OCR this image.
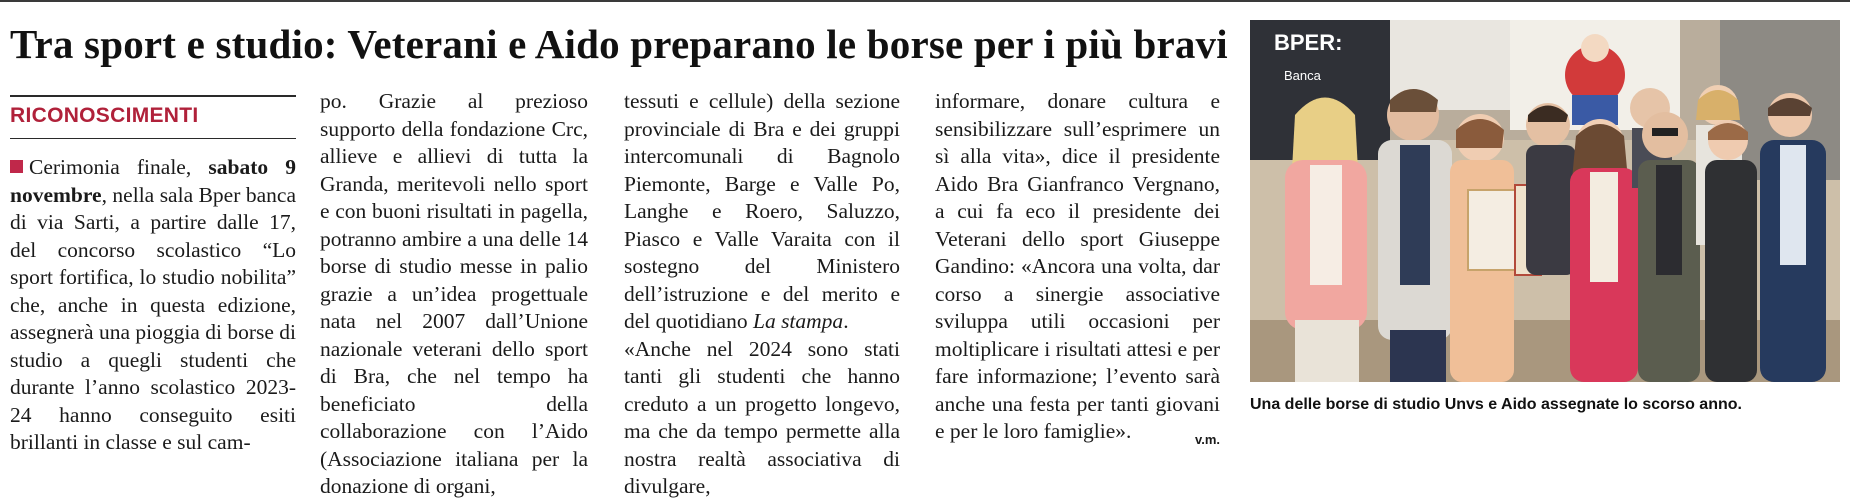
Tra sport e studio: Veterani e Aido preparano le borse per i più bravi
RICONOSCIMENTI

Cerimonia finale, sabato 9 novembre, nella sala Bper banca di via Sarti, a partire dalle 17, del concorso scolastico “Lo sport fortifica, lo studio nobilita” che, anche in questa edizione, assegnerà una pioggia di borse di studio a quegli studenti che durante l’anno scolastico 2023-24 hanno conseguito esiti brillanti in classe e sul cam-

po. Grazie al prezioso supporto della fondazione Crc, allieve e allievi di tutta la Granda, meritevoli nello sport e con buoni risultati in pagella, potranno ambire a una delle 14 borse di studio messe in palio grazie a un’idea progettuale nata nel 2007 dall’Unione nazionale veterani dello sport di Bra, che nel tempo ha beneficiato della collaborazione con l’Aido (Associazione italiana per la donazione di organi,

tessuti e cellule) della sezione provinciale di Bra e dei gruppi intercomunali di Bagnolo Piemonte, Barge e Valle Po, Langhe e Roero, Saluzzo, Piasco e Valle Varaita con il sostegno del Ministero dell’istruzione e del merito e del quotidiano La stampa.

«Anche nel 2024 sono stati tanti gli studenti che hanno creduto a un progetto longevo, ma che da tempo permette alla nostra realtà associativa di divulgare,

informare, donare cultura e sensibilizzare sull’esprimere un sì alla vita», dice il presidente Aido Bra Gianfranco Vergnano, a cui fa eco il presidente dei Veterani dello sport Giuseppe Gandino: «Ancora una volta, dar corso a sinergie associative sviluppa utili occasioni per moltiplicare i risultati attesi e per fare informazione; l’evento sarà anche una festa per tanti giovani e per le loro famiglie».	v.m.

BPER:
Banca
Una delle borse di studio Unvs e Aido assegnate lo scorso anno.
